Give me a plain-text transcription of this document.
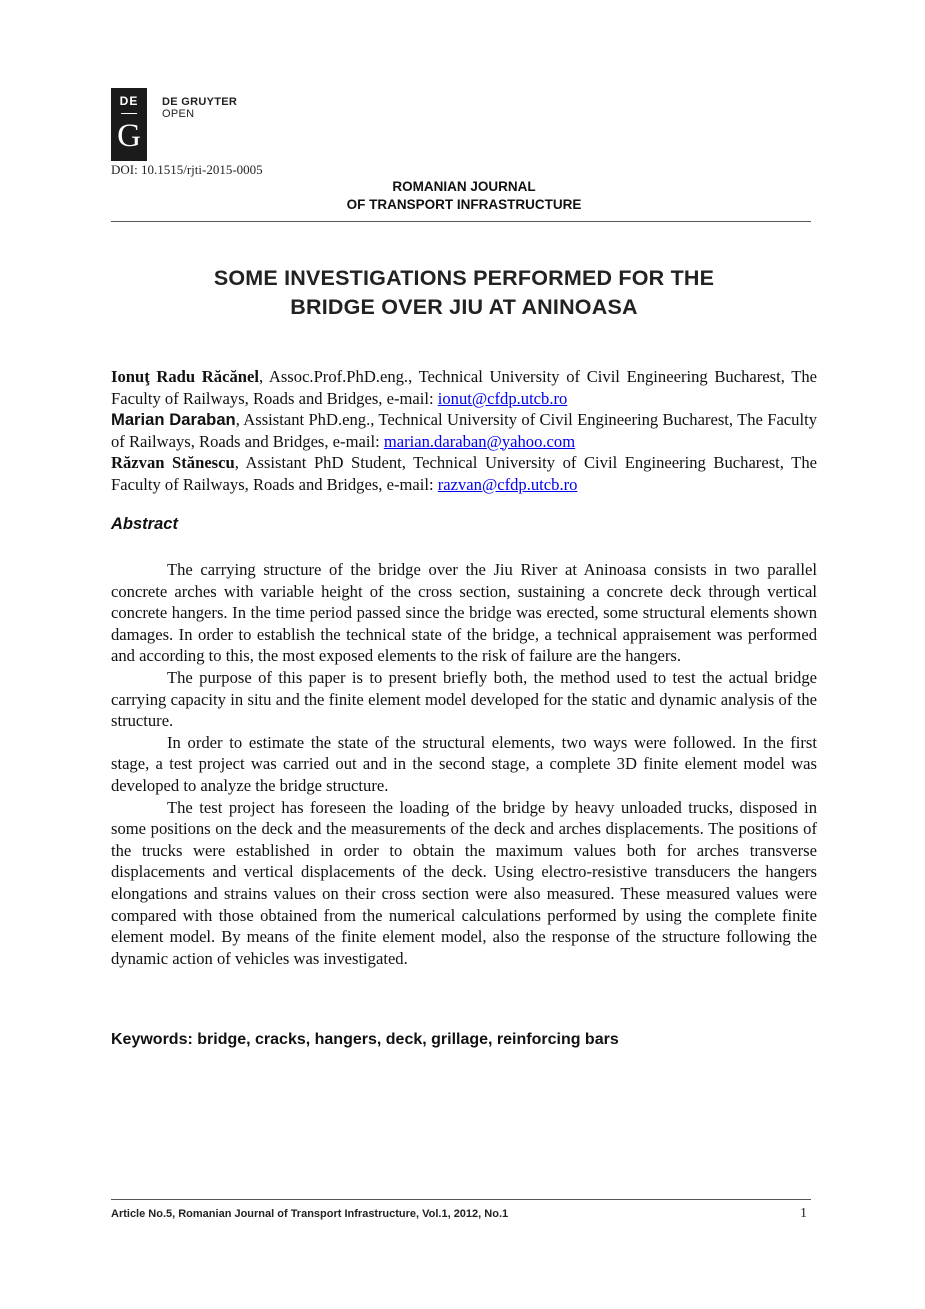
DE
G
DE GRUYTER
OPEN
DOI: 10.1515/rjti-2015-0005
ROMANIAN JOURNAL
OF TRANSPORT INFRASTRUCTURE
SOME INVESTIGATIONS PERFORMED FOR THE
BRIDGE OVER JIU AT ANINOASA

Ionuţ Radu Răcănel, Assoc.Prof.PhD.eng., Technical University of Civil Engineering Bucharest, The Faculty of Railways, Roads and Bridges, e-mail: ionut@cfdp.utcb.ro

Marian Daraban, Assistant PhD.eng., Technical University of Civil Engineering Bucharest, The Faculty of Railways, Roads and Bridges, e-mail: marian.daraban@yahoo.com

Răzvan Stănescu, Assistant PhD Student, Technical University of Civil Engineering Bucharest, The Faculty of Railways, Roads and Bridges, e-mail: razvan@cfdp.utcb.ro

Abstract

The carrying structure of the bridge over the Jiu River at Aninoasa consists in two parallel concrete arches with variable height of the cross section, sustaining a concrete deck through vertical concrete hangers. In the time period passed since the bridge was erected, some structural elements shown damages. In order to establish the technical state of the bridge, a technical appraisement was performed and according to this, the most exposed elements to the risk of failure are the hangers.

The purpose of this paper is to present briefly both, the method used to test the actual bridge carrying capacity in situ and the finite element model developed for the static and dynamic analysis of the structure.

In order to estimate the state of the structural elements, two ways were followed. In the first stage, a test project was carried out and in the second stage, a complete 3D finite element model was developed to analyze the bridge structure.

The test project has foreseen the loading of the bridge by heavy unloaded trucks, disposed in some positions on the deck and the measurements of the deck and arches displacements. The positions of the trucks were established in order to obtain the maximum values both for arches transverse displacements and vertical displacements of the deck. Using electro-resistive transducers the hangers elongations and strains values on their cross section were also measured. These measured values were compared with those obtained from the numerical calculations performed by using the complete finite element model. By means of the finite element model, also the response of the structure following the dynamic action of vehicles was investigated.

Keywords: bridge, cracks, hangers, deck, grillage, reinforcing bars
Article No.5, Romanian Journal of Transport Infrastructure, Vol.1, 2012, No.1	1
